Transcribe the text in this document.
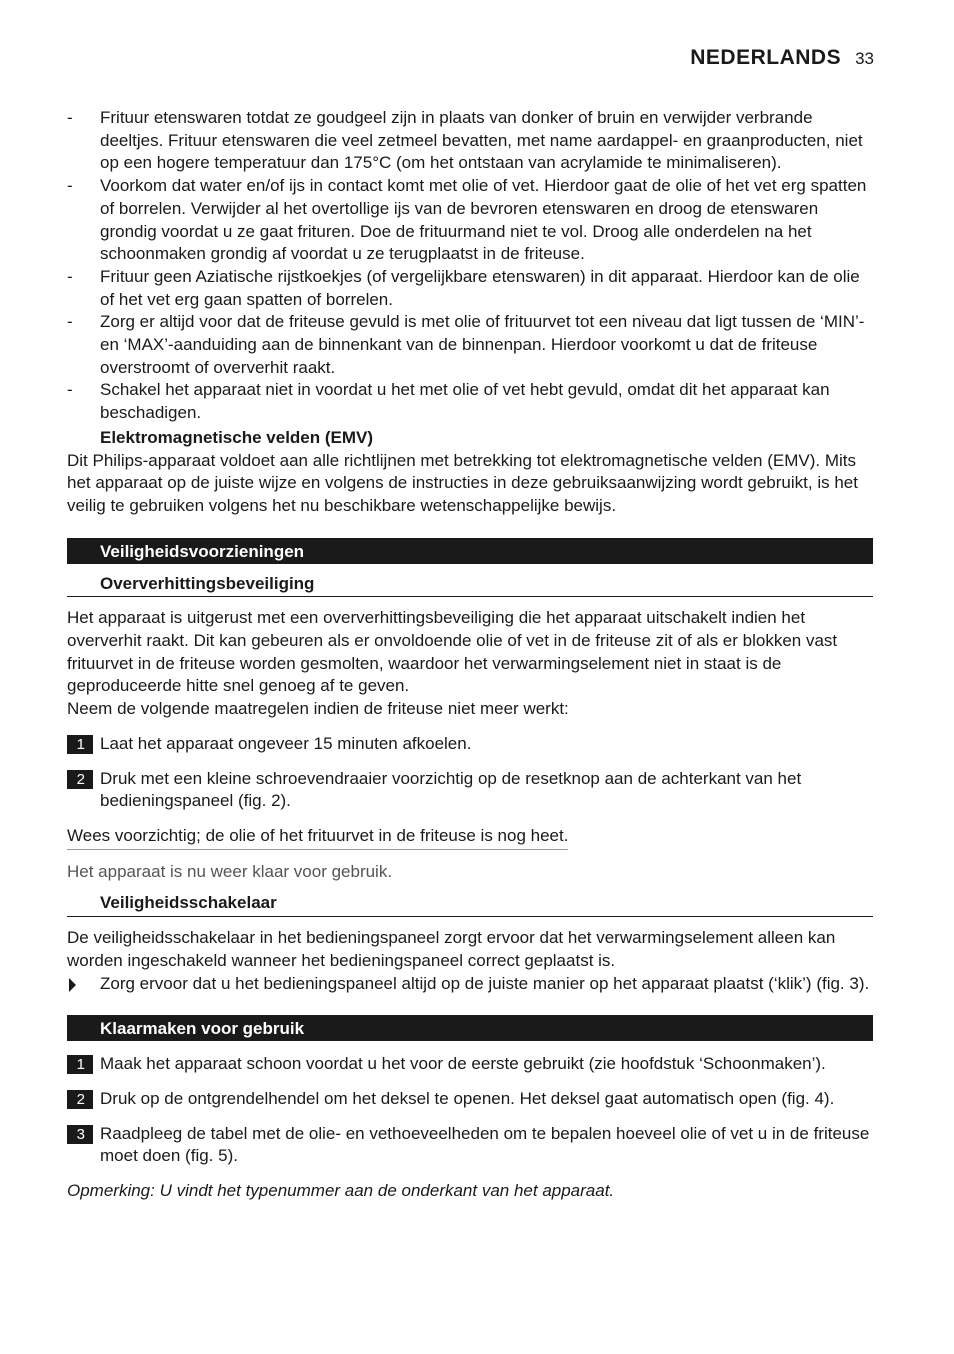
NEDERLANDS 33
- Frituur etenswaren totdat ze goudgeel zijn in plaats van donker of bruin en verwijder verbrande deeltjes. Frituur etenswaren die veel zetmeel bevatten, met name aardappel- en graanproducten, niet op een hogere temperatuur dan 175°C (om het ontstaan van acrylamide te minimaliseren).
- Voorkom dat water en/of ijs in contact komt met olie of vet. Hierdoor gaat de olie of het vet erg spatten of borrelen. Verwijder al het overtollige ijs van de bevroren etenswaren en droog de etenswaren grondig voordat u ze gaat frituren. Doe de frituurmand niet te vol. Droog alle onderdelen na het schoonmaken grondig af voordat u ze terugplaatst in de friteuse.
- Frituur geen Aziatische rijstkoekjes (of vergelijkbare etenswaren) in dit apparaat. Hierdoor kan de olie of het vet erg gaan spatten of borrelen.
- Zorg er altijd voor dat de friteuse gevuld is met olie of frituurvet tot een niveau dat ligt tussen de ‘MIN’- en ‘MAX’-aanduiding aan de binnenkant van de binnenpan. Hierdoor voorkomt u dat de friteuse overstroomt of oververhit raakt.
- Schakel het apparaat niet in voordat u het met olie of vet hebt gevuld, omdat dit het apparaat kan beschadigen.
Elektromagnetische velden (EMV)

Dit Philips-apparaat voldoet aan alle richtlijnen met betrekking tot elektromagnetische velden (EMV). Mits het apparaat op de juiste wijze en volgens de instructies in deze gebruiksaanwijzing wordt gebruikt, is het veilig te gebruiken volgens het nu beschikbare wetenschappelijke bewijs.

Veiligheidsvoorzieningen
Oververhittingsbeveiliging

Het apparaat is uitgerust met een oververhittingsbeveiliging die het apparaat uitschakelt indien het oververhit raakt. Dit kan gebeuren als er onvoldoende olie of vet in de friteuse zit of als er blokken vast frituurvet in de friteuse worden gesmolten, waardoor het verwarmingselement niet in staat is de geproduceerde hitte snel genoeg af te geven.

Neem de volgende maatregelen indien de friteuse niet meer werkt:

1 Laat het apparaat ongeveer 15 minuten afkoelen.
2 Druk met een kleine schroevendraaier voorzichtig op de resetknop aan de achterkant van het bedieningspaneel (fig. 2).
Wees voorzichtig; de olie of het frituurvet in de friteuse is nog heet.
Het apparaat is nu weer klaar voor gebruik.
Veiligheidsschakelaar

De veiligheidsschakelaar in het bedieningspaneel zorgt ervoor dat het verwarmingselement alleen kan worden ingeschakeld wanneer het bedieningspaneel correct geplaatst is.

Zorg ervoor dat u het bedieningspaneel altijd op de juiste manier op het apparaat plaatst (‘klik’) (fig. 3).
Klaarmaken voor gebruik
1 Maak het apparaat schoon voordat u het voor de eerste gebruikt (zie hoofdstuk ‘Schoonmaken’).
2 Druk op de ontgrendelhendel om het deksel te openen. Het deksel gaat automatisch open (fig. 4).
3 Raadpleeg de tabel met de olie- en vethoeveelheden om te bepalen hoeveel olie of vet u in de friteuse moet doen (fig. 5).
Opmerking: U vindt het typenummer aan de onderkant van het apparaat.
